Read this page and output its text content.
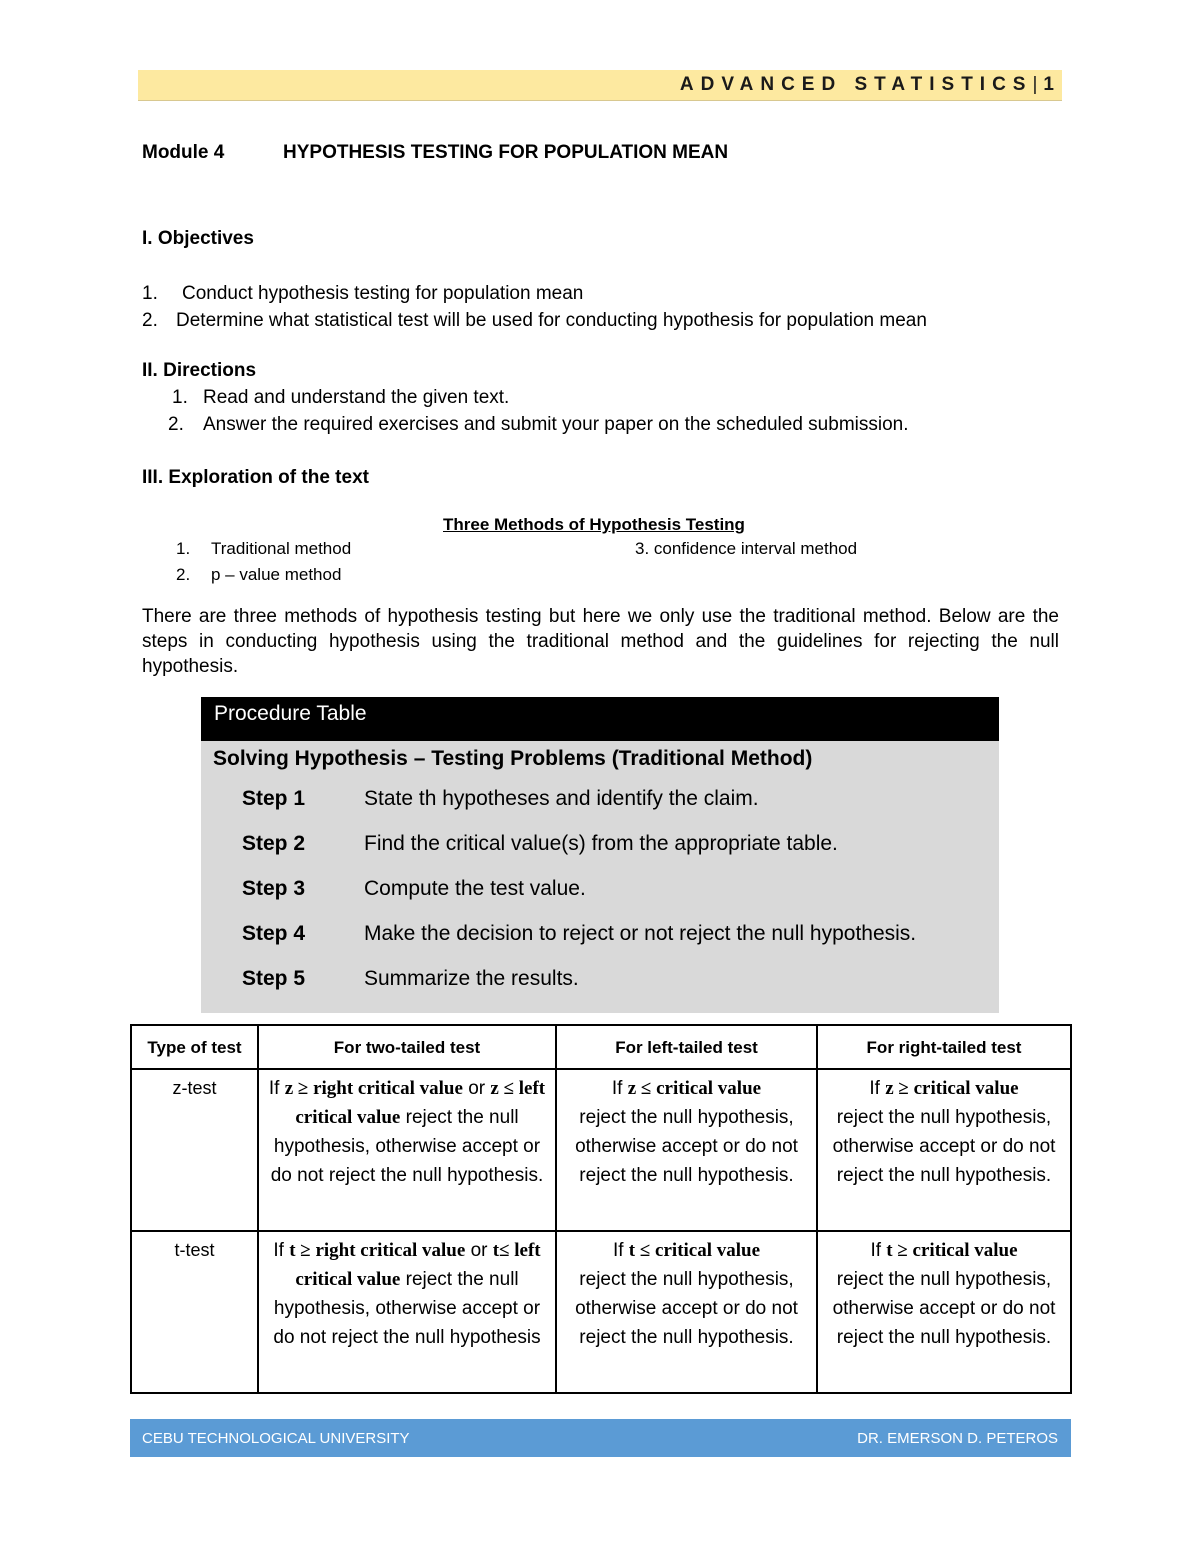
ADVANCED STATISTICS| 1
Module 4	HYPOTHESIS TESTING FOR POPULATION MEAN
I. Objectives
1. Conduct hypothesis testing for population mean
2. Determine what statistical test will be used for conducting hypothesis for population mean
II. Directions
1. Read and understand the given text.
2. Answer the required exercises and submit your paper on the scheduled submission.
III. Exploration of the text
Three Methods of Hypothesis Testing
1. Traditional method	3. confidence interval method
2. p – value method
There are three methods of hypothesis testing but here we only use the traditional method. Below are the steps in conducting hypothesis using the traditional method and the guidelines for rejecting the null hypothesis.
Procedure Table
Solving Hypothesis – Testing Problems (Traditional Method)
Step 1	State th hypotheses and identify the claim.
Step 2	Find the critical value(s) from the appropriate table.
Step 3	Compute the test value.
Step 4	Make the decision to reject or not reject the null hypothesis.
Step 5	Summarize the results.
Type of test	For two-tailed test	For left-tailed test	For right-tailed test
z-test	If z ≥ right critical value or z ≤ left critical value reject the null hypothesis, otherwise accept or do not reject the null hypothesis.	If z ≤ critical value
reject the null hypothesis, otherwise accept or do not reject the null hypothesis.	If z ≥ critical value
reject the null hypothesis, otherwise accept or do not reject the null hypothesis.
t-test	If t ≥ right critical value or t≤ left critical value reject the null hypothesis, otherwise accept or do not reject the null hypothesis	If t ≤ critical value
reject the null hypothesis, otherwise accept or do not reject the null hypothesis.	If t ≥ critical value
reject the null hypothesis, otherwise accept or do not reject the null hypothesis.
CEBU TECHNOLOGICAL UNIVERSITY	DR. EMERSON D. PETEROS
